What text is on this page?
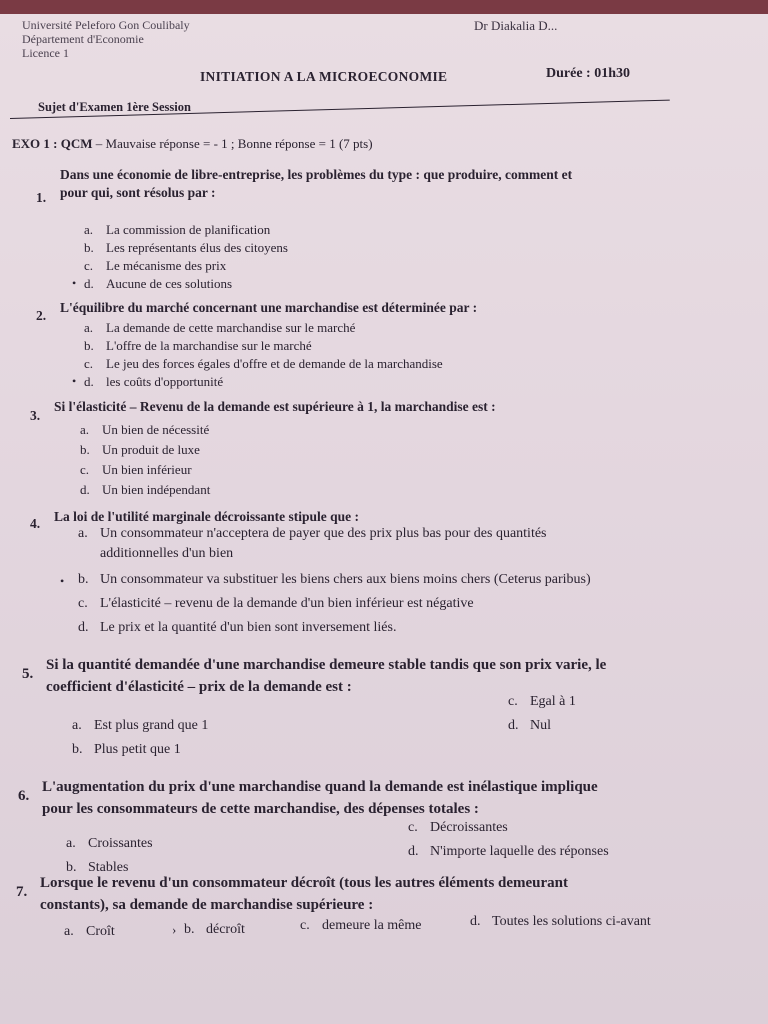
Université Peleforo Gon Coulibaly
Département d'Economie
Licence 1
Dr Diakalia D...
INITIATION A LA MICROECONOMIE	Durée : 01h30
Sujet d'Examen 1ère Session
EXO 1 : QCM – Mauvaise réponse = - 1 ; Bonne réponse = 1 (7 pts)
1.
Dans une économie de libre-entreprise, les problèmes du type : que produire, comment et
pour qui, sont résolus par :
a. La commission de planification
b. Les représentants élus des citoyens
c. Le mécanisme des prix
• d. Aucune de ces solutions
2.
L'équilibre du marché concernant une marchandise est déterminée par :
a. La demande de cette marchandise sur le marché
b. L'offre de la marchandise sur le marché
c. Le jeu des forces égales d'offre et de demande de la marchandise
• d. les coûts d'opportunité
3.
Si l'élasticité – Revenu de la demande est supérieure à 1, la marchandise est :
a. Un bien de nécessité
b. Un produit de luxe
c. Un bien inférieur
d. Un bien indépendant
4. La loi de l'utilité marginale décroissante stipule que :
a. Un consommateur n'acceptera de payer que des prix plus bas pour des quantités
additionnelles d'un bien
• b. Un consommateur va substituer les biens chers aux biens moins chers (Ceterus paribus)
c. L'élasticité – revenu de la demande d'un bien inférieur est négative
d. Le prix et la quantité d'un bien sont inversement liés.
5.
Si la quantité demandée d'une marchandise demeure stable tandis que son prix varie, le
coefficient d'élasticité – prix de la demande est :
a. Est plus grand que 1
b. Plus petit que 1
c. Egal à 1
d. Nul
6.
L'augmentation du prix d'une marchandise quand la demande est inélastique implique
pour les consommateurs de cette marchandise, des dépenses totales :
a. Croissantes
b. Stables
c. Décroissantes
d. N'importe laquelle des réponses
7.
Lorsque le revenu d'un consommateur décroît (tous les autres éléments demeurant
constants), sa demande de marchandise supérieure :
a. Croît	› b. décroît	c. demeure la même	d. Toutes les solutions ci-avant
